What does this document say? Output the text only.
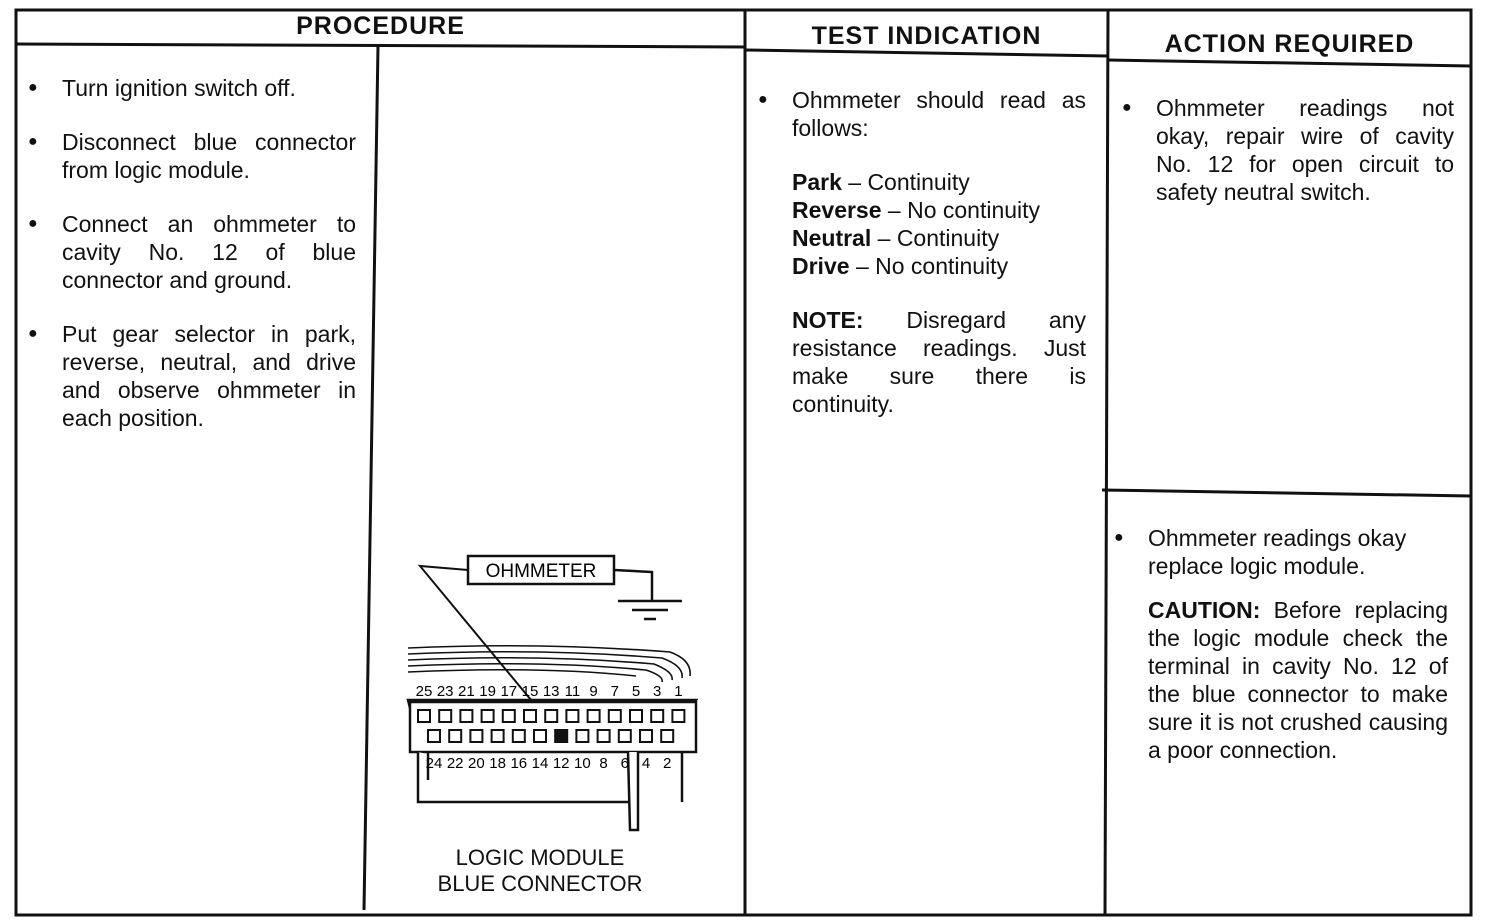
PROCEDURE	TEST INDICATION	ACTION REQUIRED
● Turn ignition switch off.
● Disconnect blue connector from logic module.
● Connect an ohmmeter to cavity No. 12 of blue connector and ground.
● Put gear selector in park, reverse, neutral, and drive and observe ohmmeter in each position.
OHMMETER
25 23 21 19 17 15 13 11 9 7 5 3 1
24 22 20 18 16 14 12 10 8 6 4 2
LOGIC MODULE
BLUE CONNECTOR
● Ohmmeter should read as follows:

Park – Continuity

Reverse – No continuity

Neutral – Continuity

Drive – No continuity

NOTE: Disregard any resistance readings. Just make sure there is continuity.

● Ohmmeter readings not okay, repair wire of cavity No. 12 for open circuit to safety neutral switch.
● Ohmmeter readings okay replace logic module.

CAUTION: Before replacing the logic module check the terminal in cavity No. 12 of the blue connector to make sure it is not crushed causing a poor connection.
